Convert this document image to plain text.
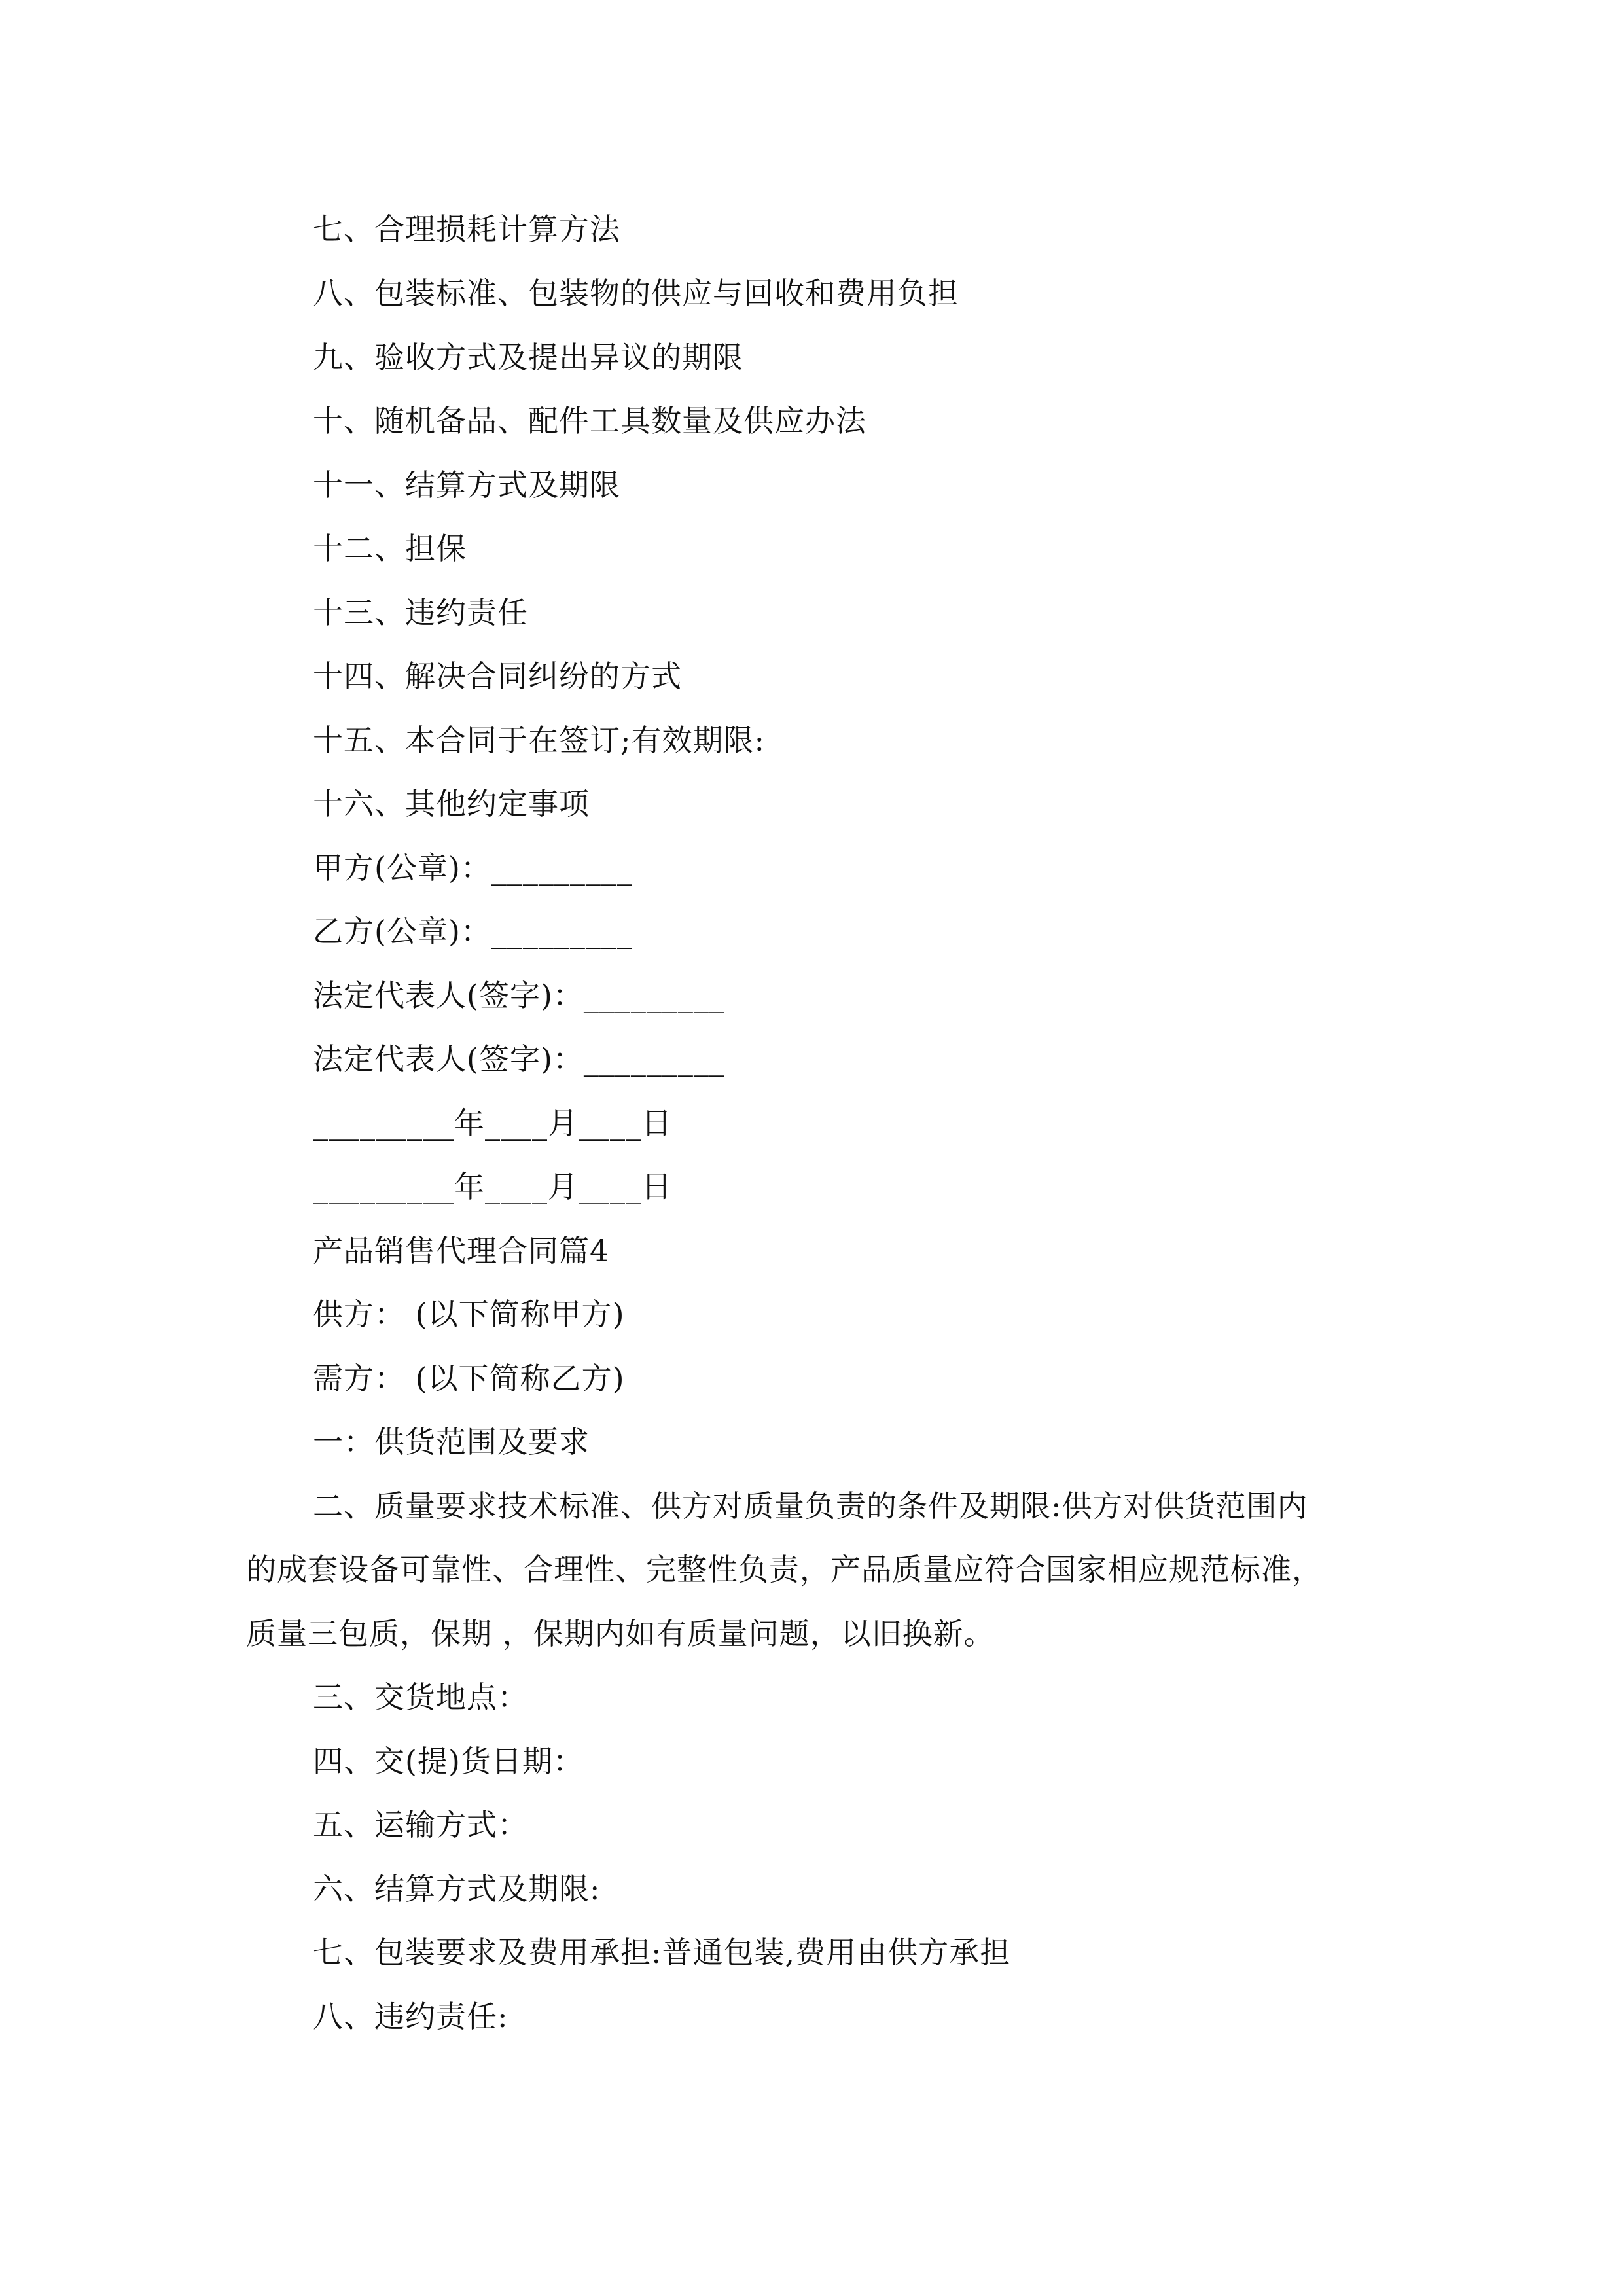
七、合理损耗计算方法
八、包装标准、包装物的供应与回收和费用负担
九、验收方式及提出异议的期限
十、随机备品、配件工具数量及供应办法
十一、结算方式及期限
十二、担保
十三、违约责任
十四、解决合同纠纷的方式
十五、本合同于在签订;有效期限:
十六、其他约定事项
甲方(公章)：_________
乙方(公章)：_________
法定代表人(签字)：_________
法定代表人(签字)：_________
_________年____月____日
_________年____月____日
产品销售代理合同篇4
供方： (以下简称甲方)
需方： (以下简称乙方)
一：供货范围及要求
二、质量要求技术标准、供方对质量负责的条件及期限:供方对供货范围内
的成套设备可靠性、合理性、完整性负责，产品质量应符合国家相应规范标准，
质量三包质，保期 ，保期内如有质量问题，以旧换新。
三、交货地点：
四、交(提)货日期：
五、运输方式：
六、结算方式及期限:
七、包装要求及费用承担:普通包装,费用由供方承担
八、违约责任:
